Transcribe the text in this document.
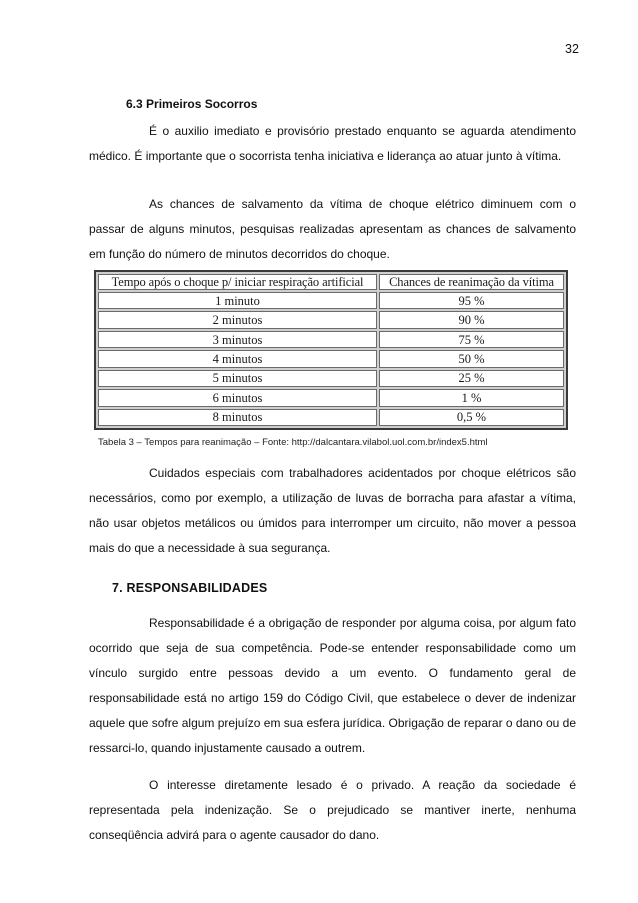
32
6.3 Primeiros Socorros

É o auxilio imediato e provisório prestado enquanto se aguarda atendimento médico. É importante que o socorrista tenha iniciativa e liderança ao atuar junto à vítima.

As chances de salvamento da vítima de choque elétrico diminuem com o passar de alguns minutos, pesquisas realizadas apresentam as chances de salvamento em função do número de minutos decorridos do choque.

Tempo após o choque p/ iniciar respiração artificial	Chances de reanimação da vítima
1 minuto	95 %
2 minutos	90 %
3 minutos	75 %
4 minutos	50 %
5 minutos	25 %
6 minutos	1 %
8 minutos	0,5 %
Tabela 3 – Tempos para reanimação – Fonte: http://dalcantara.vilabol.uol.com.br/index5.html

Cuidados especiais com trabalhadores acidentados por choque elétricos são necessários, como por exemplo, a utilização de luvas de borracha para afastar a vítima, não usar objetos metálicos ou úmidos para interromper um circuito, não mover a pessoa mais do que a necessidade à sua segurança.

7. RESPONSABILIDADES

Responsabilidade é a obrigação de responder por alguma coisa, por algum fato ocorrido que seja de sua competência. Pode-se entender responsabilidade como um vínculo surgido entre pessoas devido a um evento. O fundamento geral de responsabilidade está no artigo 159 do Código Civil, que estabelece o dever de indenizar aquele que sofre algum prejuízo em sua esfera jurídica. Obrigação de reparar o dano ou de ressarci-lo, quando injustamente causado a outrem.

O interesse diretamente lesado é o privado. A reação da sociedade é representada pela indenização. Se o prejudicado se mantiver inerte, nenhuma conseqüência advirá para o agente causador do dano.
